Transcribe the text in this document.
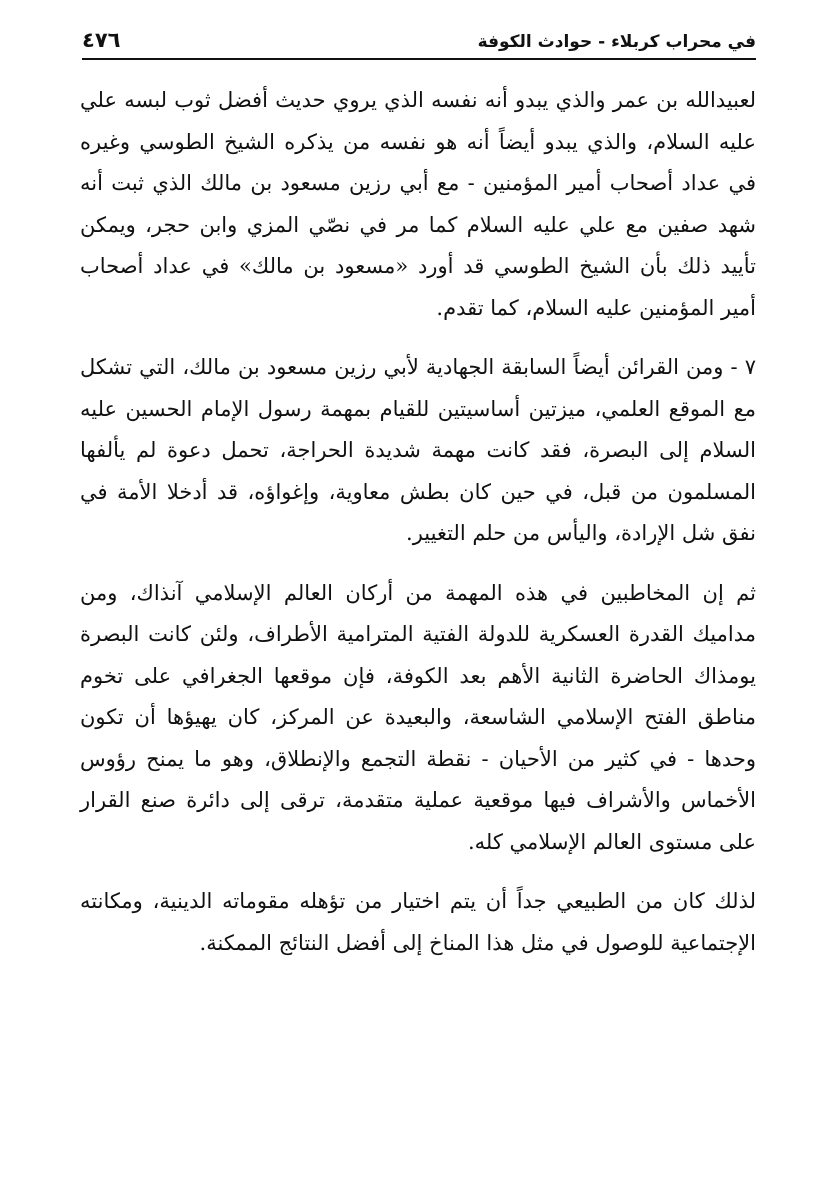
في محراب كربلاء - حوادث الكوفة
٤٧٦

لعبيدالله بن عمر والذي يبدو أنه نفسه الذي يروي حديث أفضل ثوب لبسه علي عليه السلام، والذي يبدو أيضاً أنه هو نفسه من يذكره الشيخ الطوسي وغيره في عداد أصحاب أمير المؤمنين - مع أبي رزين مسعود بن مالك الذي ثبت أنه شهد صفين مع علي عليه السلام كما مر في نصّي المزي وابن حجر، ويمكن تأييد ذلك بأن الشيخ الطوسي قد أورد «مسعود بن مالك» في عداد أصحاب أمير المؤمنين عليه السلام، كما تقدم.

٧ - ومن القرائن أيضاً السابقة الجهادية لأبي رزين مسعود بن مالك، التي تشكل مع الموقع العلمي، ميزتين أساسيتين للقيام بمهمة رسول الإمام الحسين عليه السلام إلى البصرة، فقد كانت مهمة شديدة الحراجة، تحمل دعوة لم يألفها المسلمون من قبل، في حين كان بطش معاوية، وإغواؤه، قد أدخلا الأمة في نفق شل الإرادة، واليأس من حلم التغيير.

ثم إن المخاطبين في هذه المهمة من أركان العالم الإسلامي آنذاك، ومن مداميك القدرة العسكرية للدولة الفتية المترامية الأطراف، ولئن كانت البصرة يومذاك الحاضرة الثانية الأهم بعد الكوفة، فإن موقعها الجغرافي على تخوم مناطق الفتح الإسلامي الشاسعة، والبعيدة عن المركز، كان يهيؤها أن تكون وحدها - في كثير من الأحيان - نقطة التجمع والإنطلاق، وهو ما يمنح رؤوس الأخماس والأشراف فيها موقعية عملية متقدمة، ترقى إلى دائرة صنع القرار على مستوى العالم الإسلامي كله.

لذلك كان من الطبيعي جداً أن يتم اختيار من تؤهله مقوماته الدينية، ومكانته الإجتماعية للوصول في مثل هذا المناخ إلى أفضل النتائج الممكنة.
